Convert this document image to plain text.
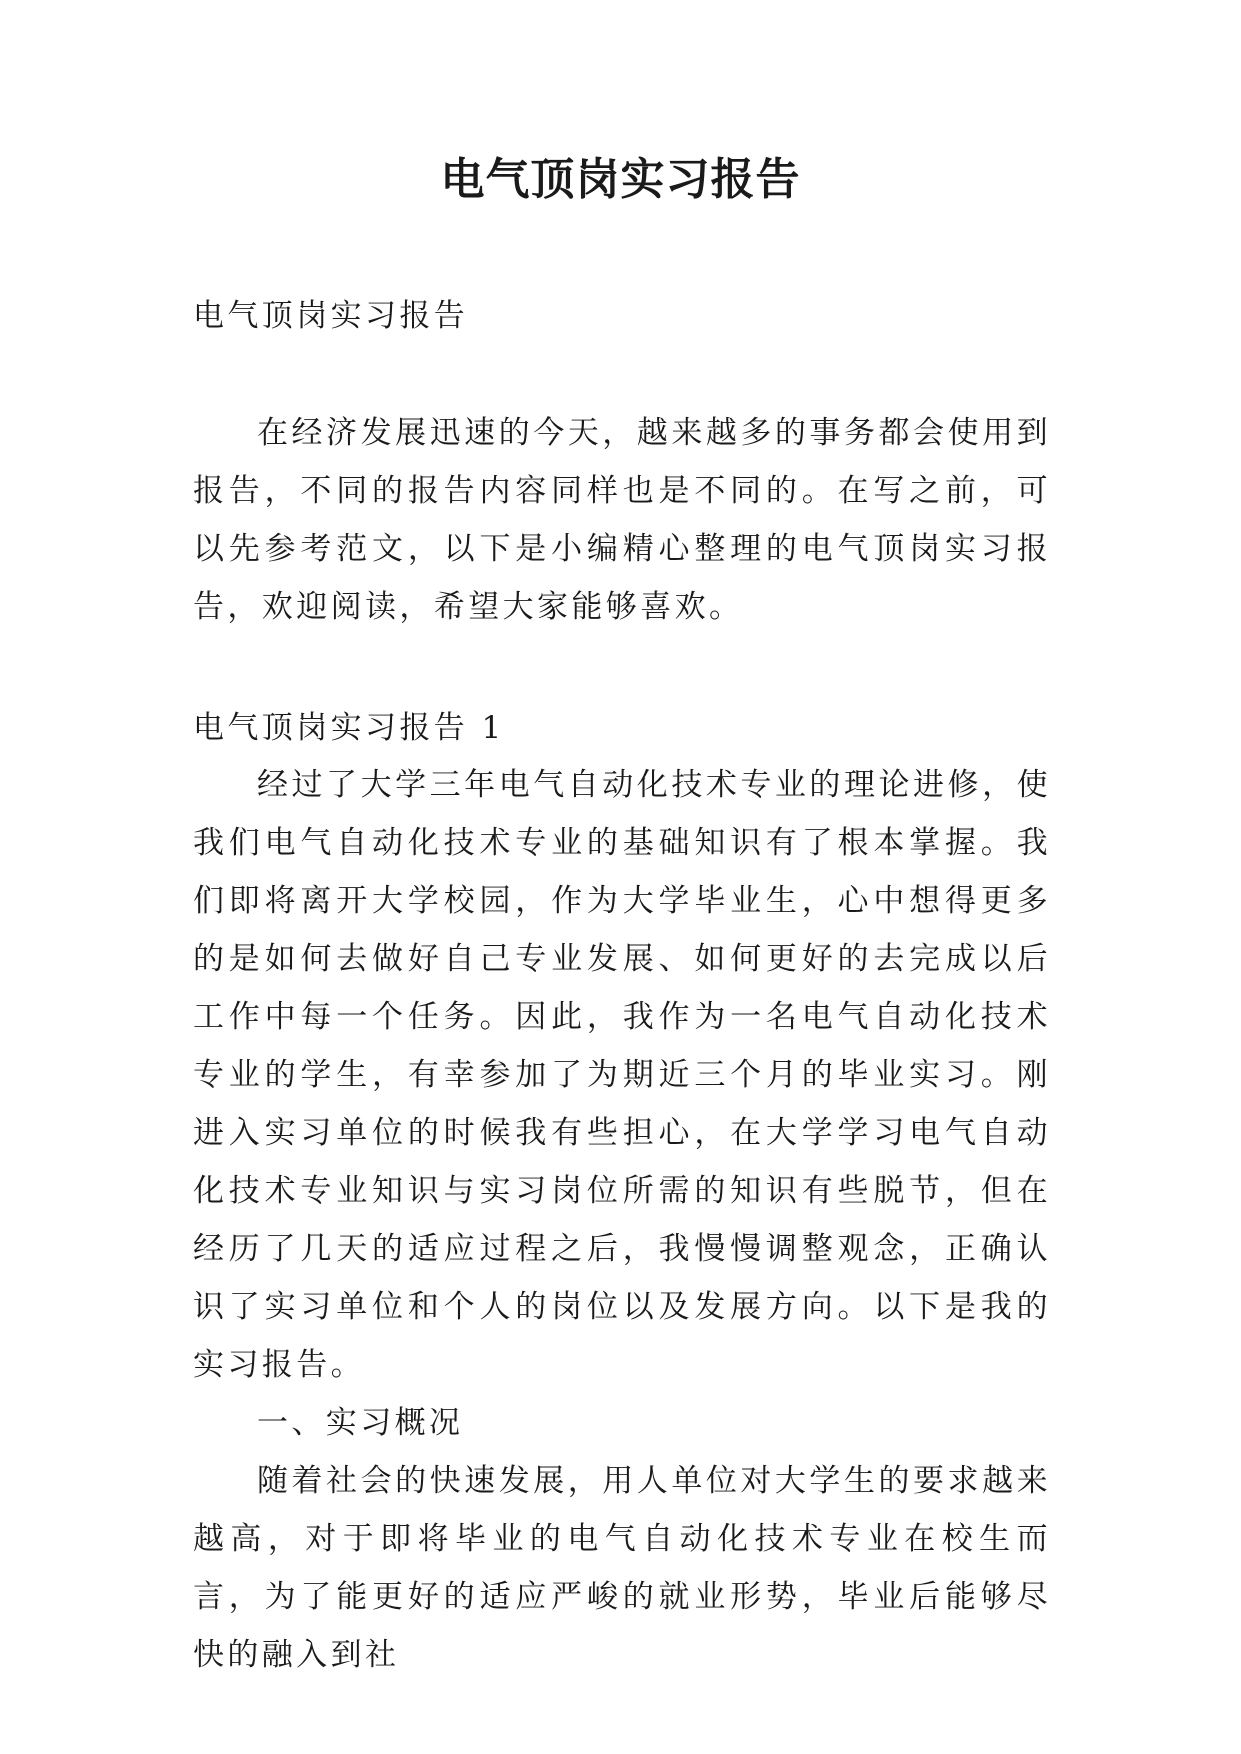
电气顶岗实习报告
电气顶岗实习报告
在经济发展迅速的今天，越来越多的事务都会使用到报告，不同的报告内容同样也是不同的。在写之前，可以先参考范文，以下是小编精心整理的电气顶岗实习报告，欢迎阅读，希望大家能够喜欢。
电气顶岗实习报告 1

经过了大学三年电气自动化技术专业的理论进修，使我们电气自动化技术专业的基础知识有了根本掌握。我们即将离开大学校园，作为大学毕业生，心中想得更多的是如何去做好自己专业发展、如何更好的去完成以后工作中每一个任务。因此，我作为一名电气自动化技术专业的学生，有幸参加了为期近三个月的毕业实习。刚进入实习单位的时候我有些担心，在大学学习电气自动化技术专业知识与实习岗位所需的知识有些脱节，但在经历了几天的适应过程之后，我慢慢调整观念，正确认识了实习单位和个人的岗位以及发展方向。以下是我的实习报告。

一、实习概况

随着社会的快速发展，用人单位对大学生的要求越来越高，对于即将毕业的电气自动化技术专业在校生而言，为了能更好的适应严峻的就业形势，毕业后能够尽快的融入到社
